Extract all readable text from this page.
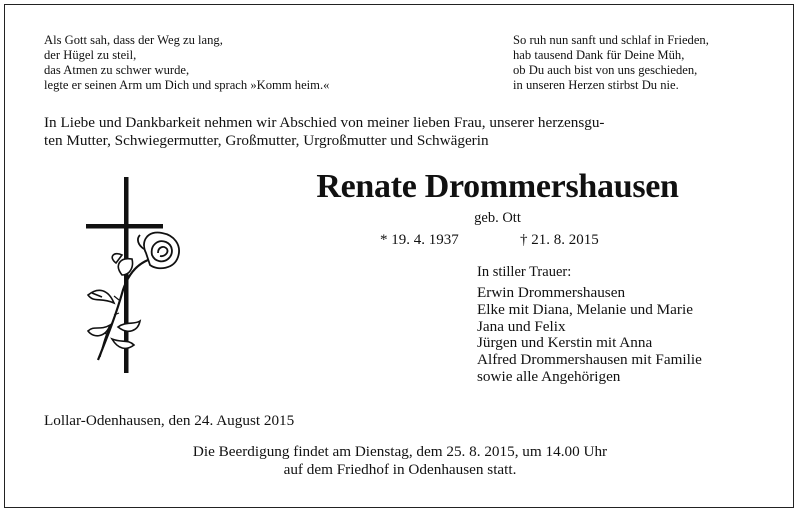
Als Gott sah, dass der Weg zu lang,
der Hügel zu steil,
das Atmen zu schwer wurde,
legte er seinen Arm um Dich und sprach »Komm heim.«
So ruh nun sanft und schlaf in Frieden,
hab tausend Dank für Deine Müh,
ob Du auch bist von uns geschieden,
in unseren Herzen stirbst Du nie.
In Liebe und Dankbarkeit nehmen wir Abschied von meiner lieben Frau, unserer herzensgu-
ten Mutter, Schwiegermutter, Großmutter, Urgroßmutter und Schwägerin
Renate Drommershausen
geb. Ott
* 19. 4. 1937	† 21. 8. 2015
In stiller Trauer:
Erwin Drommershausen
Elke mit Diana, Melanie und Marie
Jana und Felix
Jürgen und Kerstin mit Anna
Alfred Drommershausen mit Familie
sowie alle Angehörigen
Lollar-Odenhausen, den 24. August 2015
Die Beerdigung findet am Dienstag, dem 25. 8. 2015, um 14.00 Uhr
auf dem Friedhof in Odenhausen statt.
